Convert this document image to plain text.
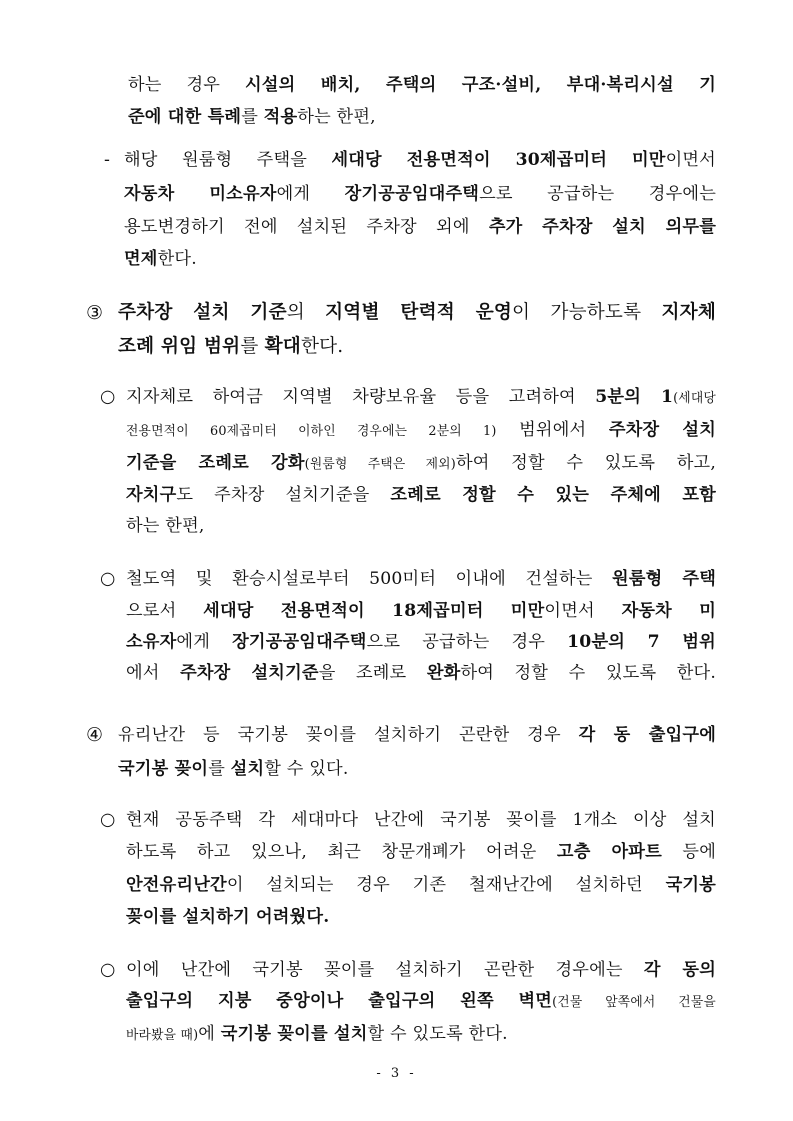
하는 경우 시설의 배치, 주택의 구조·설비, 부대·복리시설 기
준에 대한 특례를 적용하는 한편,
- 해당 원룸형 주택을 세대당 전용면적이 30제곱미터 미만이면서
자동차 미소유자에게 장기공공임대주택으로 공급하는 경우에는
용도변경하기 전에 설치된 주차장 외에 추가 주차장 설치 의무를
면제한다.
③ 주차장 설치 기준의 지역별 탄력적 운영이 가능하도록 지자체
조례 위임 범위를 확대한다.
○ 지자체로 하여금 지역별 차량보유율 등을 고려하여 5분의 1(세대당
전용면적이 60제곱미터 이하인 경우에는 2분의 1) 범위에서 주차장 설치
기준을 조례로 강화(원룸형 주택은 제외)하여 정할 수 있도록 하고,
자치구도 주차장 설치기준을 조례로 정할 수 있는 주체에 포함
하는 한편,
○ 철도역 및 환승시설로부터 500미터 이내에 건설하는 원룸형 주택
으로서 세대당 전용면적이 18제곱미터 미만이면서 자동차 미
소유자에게 장기공공임대주택으로 공급하는 경우 10분의 7 범위
에서 주차장 설치기준을 조례로 완화하여 정할 수 있도록 한다.
④ 유리난간 등 국기봉 꽂이를 설치하기 곤란한 경우 각 동 출입구에
국기봉 꽂이를 설치할 수 있다.
○ 현재 공동주택 각 세대마다 난간에 국기봉 꽂이를 1개소 이상 설치
하도록 하고 있으나, 최근 창문개폐가 어려운 고층 아파트 등에
안전유리난간이 설치되는 경우 기존 철재난간에 설치하던 국기봉
꽂이를 설치하기 어려웠다.
○ 이에 난간에 국기봉 꽂이를 설치하기 곤란한 경우에는 각 동의
출입구의 지붕 중앙이나 출입구의 왼쪽 벽면(건물 앞쪽에서 건물을
바라봤을 때)에 국기봉 꽂이를 설치할 수 있도록 한다.
- 3 -
